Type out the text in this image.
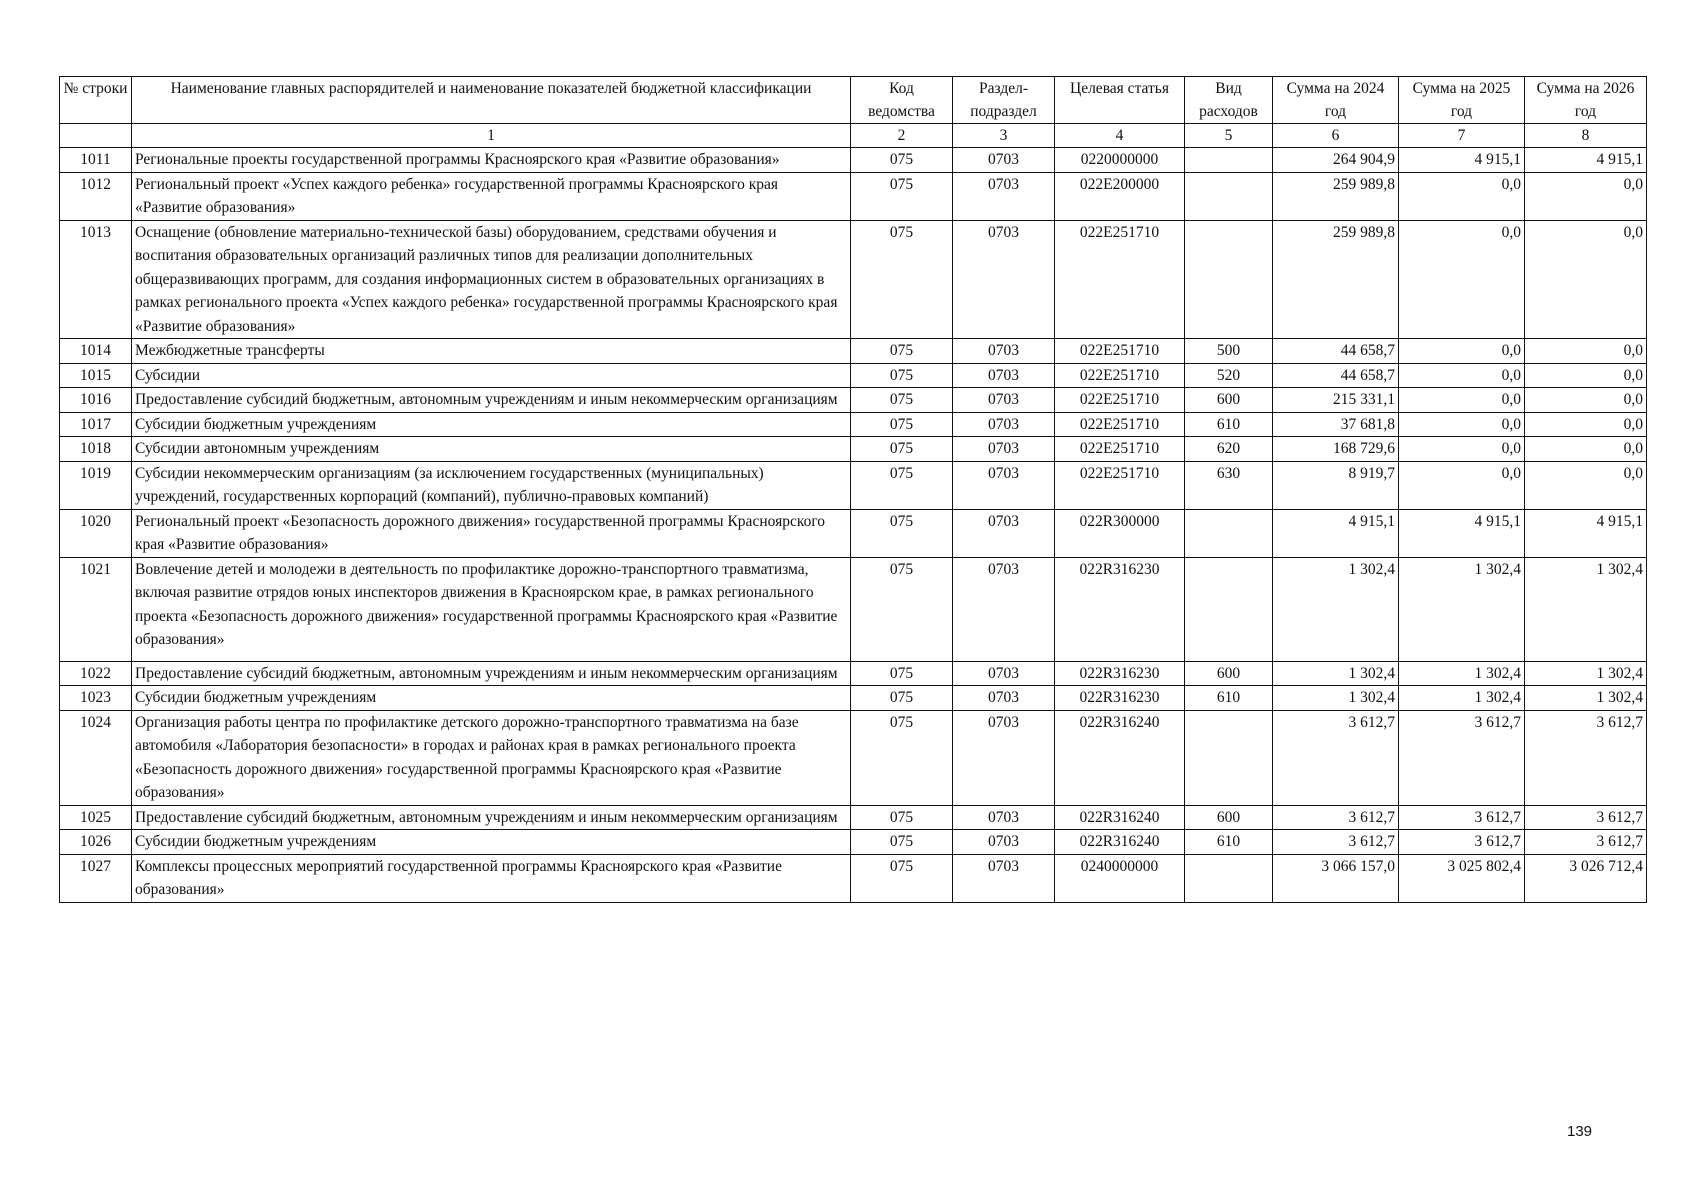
№ строки	Наименование главных распорядителей и наименование показателей бюджетной классификации	Код ведомства	Раздел-подраздел	Целевая статья	Вид расходов	Сумма на 2024 год	Сумма на 2025 год	Сумма на 2026 год
	1	2	3	4	5	6	7	8
1011	Региональные проекты государственной программы Красноярского края «Развитие образования»	075	0703	0220000000		264 904,9	4 915,1	4 915,1
1012	Региональный проект «Успех каждого ребенка» государственной программы Красноярского края «Развитие образования»	075	0703	022E200000		259 989,8	0,0	0,0
1013	Оснащение (обновление материально-технической базы) оборудованием, средствами обучения и воспитания образовательных организаций различных типов для реализации дополнительных общеразвивающих программ, для создания информационных систем в образовательных организациях в рамках регионального проекта «Успех каждого ребенка» государственной программы Красноярского края «Развитие образования»	075	0703	022E251710		259 989,8	0,0	0,0
1014	Межбюджетные трансферты	075	0703	022E251710	500	44 658,7	0,0	0,0
1015	Субсидии	075	0703	022E251710	520	44 658,7	0,0	0,0
1016	Предоставление субсидий бюджетным, автономным учреждениям и иным некоммерческим организациям	075	0703	022E251710	600	215 331,1	0,0	0,0
1017	Субсидии бюджетным учреждениям	075	0703	022E251710	610	37 681,8	0,0	0,0
1018	Субсидии автономным учреждениям	075	0703	022E251710	620	168 729,6	0,0	0,0
1019	Субсидии некоммерческим организациям (за исключением государственных (муниципальных) учреждений, государственных корпораций (компаний), публично-правовых компаний)	075	0703	022E251710	630	8 919,7	0,0	0,0
1020	Региональный проект «Безопасность дорожного движения» государственной программы Красноярского края «Развитие образования»	075	0703	022R300000		4 915,1	4 915,1	4 915,1
1021	Вовлечение детей и молодежи в деятельность по профилактике дорожно-транспортного травматизма, включая развитие отрядов юных инспекторов движения в Красноярском крае, в рамках регионального проекта «Безопасность дорожного движения» государственной программы Красноярского края «Развитие образования»	075	0703	022R316230		1 302,4	1 302,4	1 302,4
1022	Предоставление субсидий бюджетным, автономным учреждениям и иным некоммерческим организациям	075	0703	022R316230	600	1 302,4	1 302,4	1 302,4
1023	Субсидии бюджетным учреждениям	075	0703	022R316230	610	1 302,4	1 302,4	1 302,4
1024	Организация работы центра по профилактике детского дорожно-транспортного травматизма на базе автомобиля «Лаборатория безопасности» в городах и районах края в рамках регионального проекта «Безопасность дорожного движения» государственной программы Красноярского края «Развитие образования»	075	0703	022R316240		3 612,7	3 612,7	3 612,7
1025	Предоставление субсидий бюджетным, автономным учреждениям и иным некоммерческим организациям	075	0703	022R316240	600	3 612,7	3 612,7	3 612,7
1026	Субсидии бюджетным учреждениям	075	0703	022R316240	610	3 612,7	3 612,7	3 612,7
1027	Комплексы процессных мероприятий государственной программы Красноярского края «Развитие образования»	075	0703	0240000000		3 066 157,0	3 025 802,4	3 026 712,4
139
